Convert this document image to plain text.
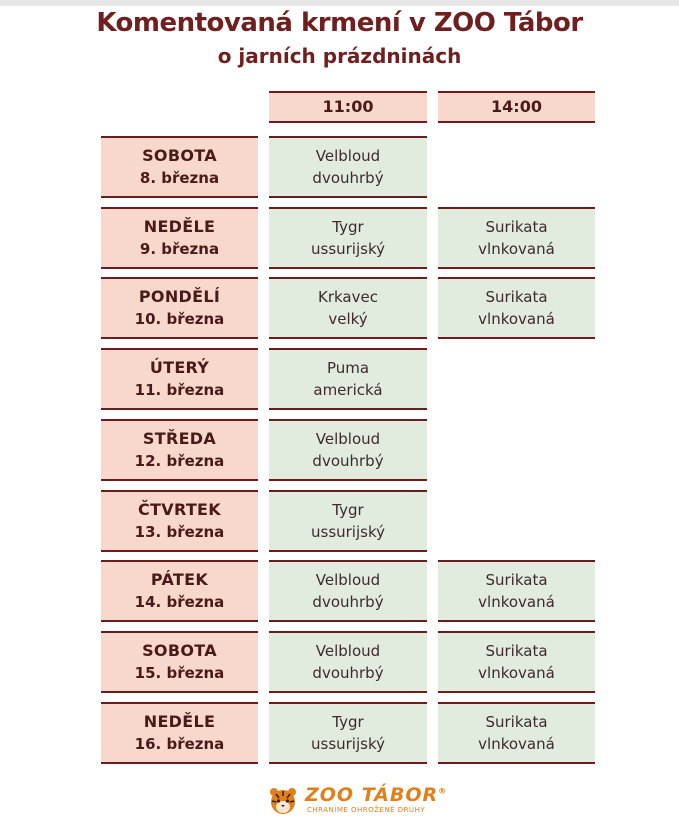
Komentovaná krmení v ZOO Tábor
o jarních prázdninách
11:00	14:00
SOBOTA
8. března
Velbloud
dvouhrbý
NEDĚLE
9. března
Tygr
ussurijský
Surikata
vlnkovaná
PONDĚLÍ
10. března
Krkavec
velký
Surikata
vlnkovaná
ÚTERÝ
11. března
Puma
americká
STŘEDA
12. března
Velbloud
dvouhrbý
ČTVRTEK
13. března
Tygr
ussurijský
PÁTEK
14. března
Velbloud
dvouhrbý
Surikata
vlnkovaná
SOBOTA
15. března
Velbloud
dvouhrbý
Surikata
vlnkovaná
NEDĚLE
16. března
Tygr
ussurijský
Surikata
vlnkovaná
ZOO TÁBOR®
CHRÁNÍME OHROŽENÉ DRUHY
